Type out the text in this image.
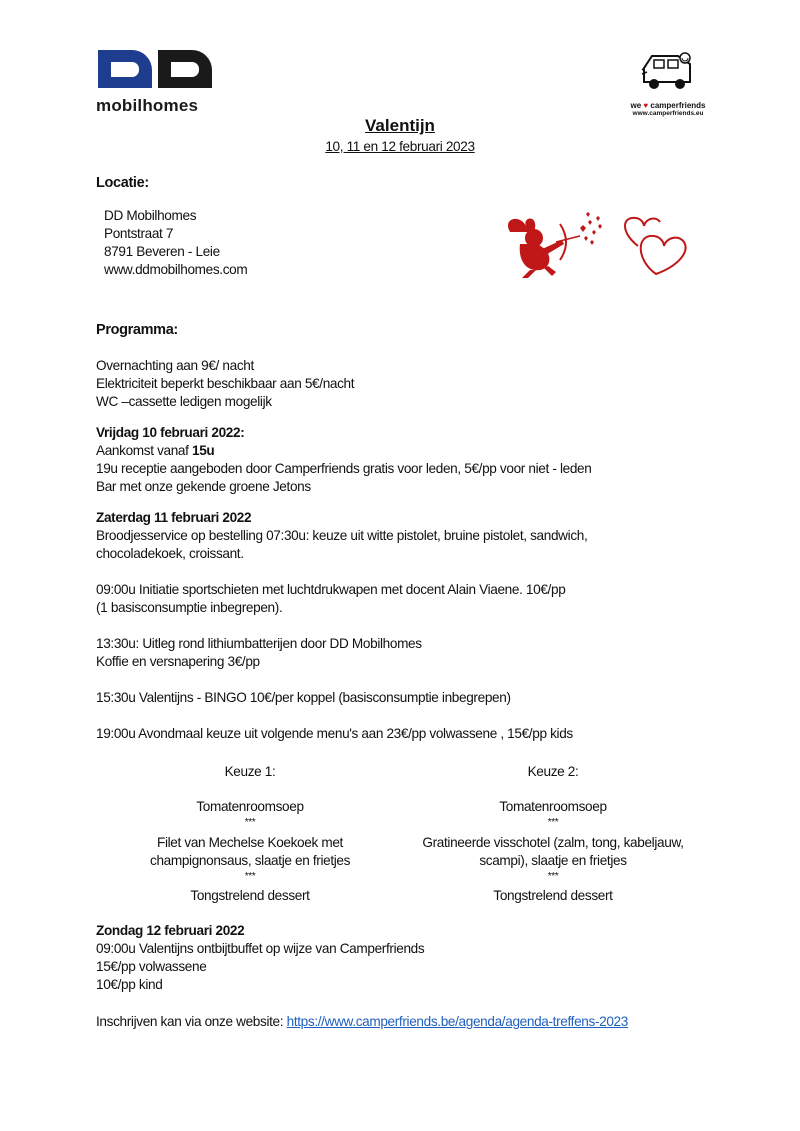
mobilhomes	we ♥ camperfriends
www.camperfriends.eu
Valentijn
10, 11 en 12 februari 2023
Locatie:
DD Mobilhomes
Pontstraat 7
8791 Beveren - Leie
www.ddmobilhomes.com
Programma:
Overnachting aan 9€/ nacht
Elektriciteit beperkt beschikbaar aan 5€/nacht
WC –cassette ledigen mogelijk
Vrijdag 10 februari 2022:
Aankomst vanaf 15u
19u receptie aangeboden door Camperfriends gratis voor leden, 5€/pp voor niet - leden
Bar met onze gekende groene Jetons
Zaterdag 11 februari 2022
Broodjesservice op bestelling 07:30u: keuze uit witte pistolet, bruine pistolet, sandwich,
chocoladekoek, croissant.
09:00u Initiatie sportschieten met luchtdrukwapen met docent Alain Viaene. 10€/pp
(1 basisconsumptie inbegrepen).
13:30u: Uitleg rond lithiumbatterijen door DD Mobilhomes
Koffie en versnapering 3€/pp
15:30u Valentijns - BINGO 10€/per koppel (basisconsumptie inbegrepen)
19:00u Avondmaal keuze uit volgende menu's aan 23€/pp volwassene , 15€/pp kids
Keuze 1:
Tomatenroomsoep
***
Filet van Mechelse Koekoek met
champignonsaus, slaatje en frietjes
***
Tongstrelend dessert
Keuze 2:
Tomatenroomsoep
***
Gratineerde visschotel (zalm, tong, kabeljauw,
scampi), slaatje en frietjes
***
Tongstrelend dessert
Zondag 12 februari 2022
09:00u Valentijns ontbijtbuffet op wijze van Camperfriends
15€/pp volwassene
10€/pp kind
Inschrijven kan via onze website: https://www.camperfriends.be/agenda/agenda-treffens-2023
